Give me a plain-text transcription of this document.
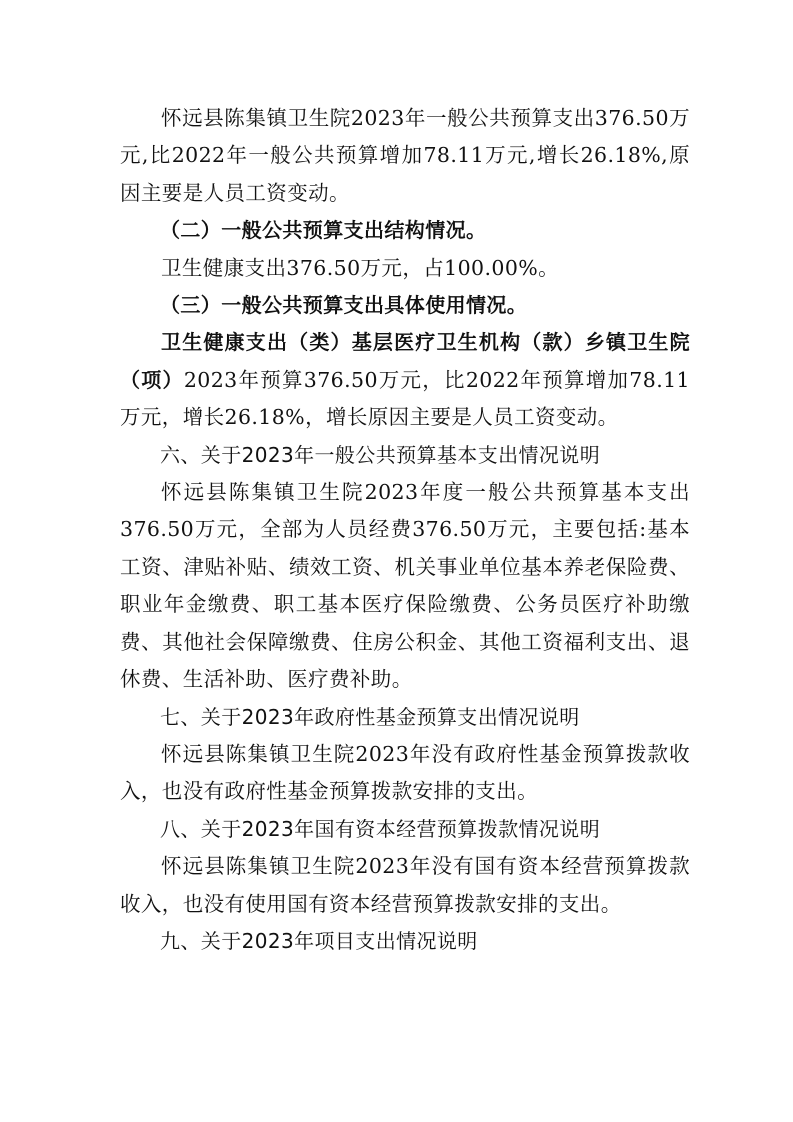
怀远县陈集镇卫生院2023年一般公共预算支出376.50万元,比2022年一般公共预算增加78.11万元,增长26.18%,原因主要是人员工资变动。

（二）一般公共预算支出结构情况。

卫生健康支出376.50万元，占100.00%。

（三）一般公共预算支出具体使用情况。

卫生健康支出（类）基层医疗卫生机构（款）乡镇卫生院（项）2023年预算376.50万元，比2022年预算增加78.11万元，增长26.18%，增长原因主要是人员工资变动。

六、关于2023年一般公共预算基本支出情况说明

怀远县陈集镇卫生院2023年度一般公共预算基本支出376.50万元，全部为人员经费376.50万元，主要包括:基本工资、津贴补贴、绩效工资、机关事业单位基本养老保险费、职业年金缴费、职工基本医疗保险缴费、公务员医疗补助缴费、其他社会保障缴费、住房公积金、其他工资福利支出、退休费、生活补助、医疗费补助。

七、关于2023年政府性基金预算支出情况说明

怀远县陈集镇卫生院2023年没有政府性基金预算拨款收入，也没有政府性基金预算拨款安排的支出。

八、关于2023年国有资本经营预算拨款情况说明

怀远县陈集镇卫生院2023年没有国有资本经营预算拨款收入，也没有使用国有资本经营预算拨款安排的支出。

九、关于2023年项目支出情况说明
